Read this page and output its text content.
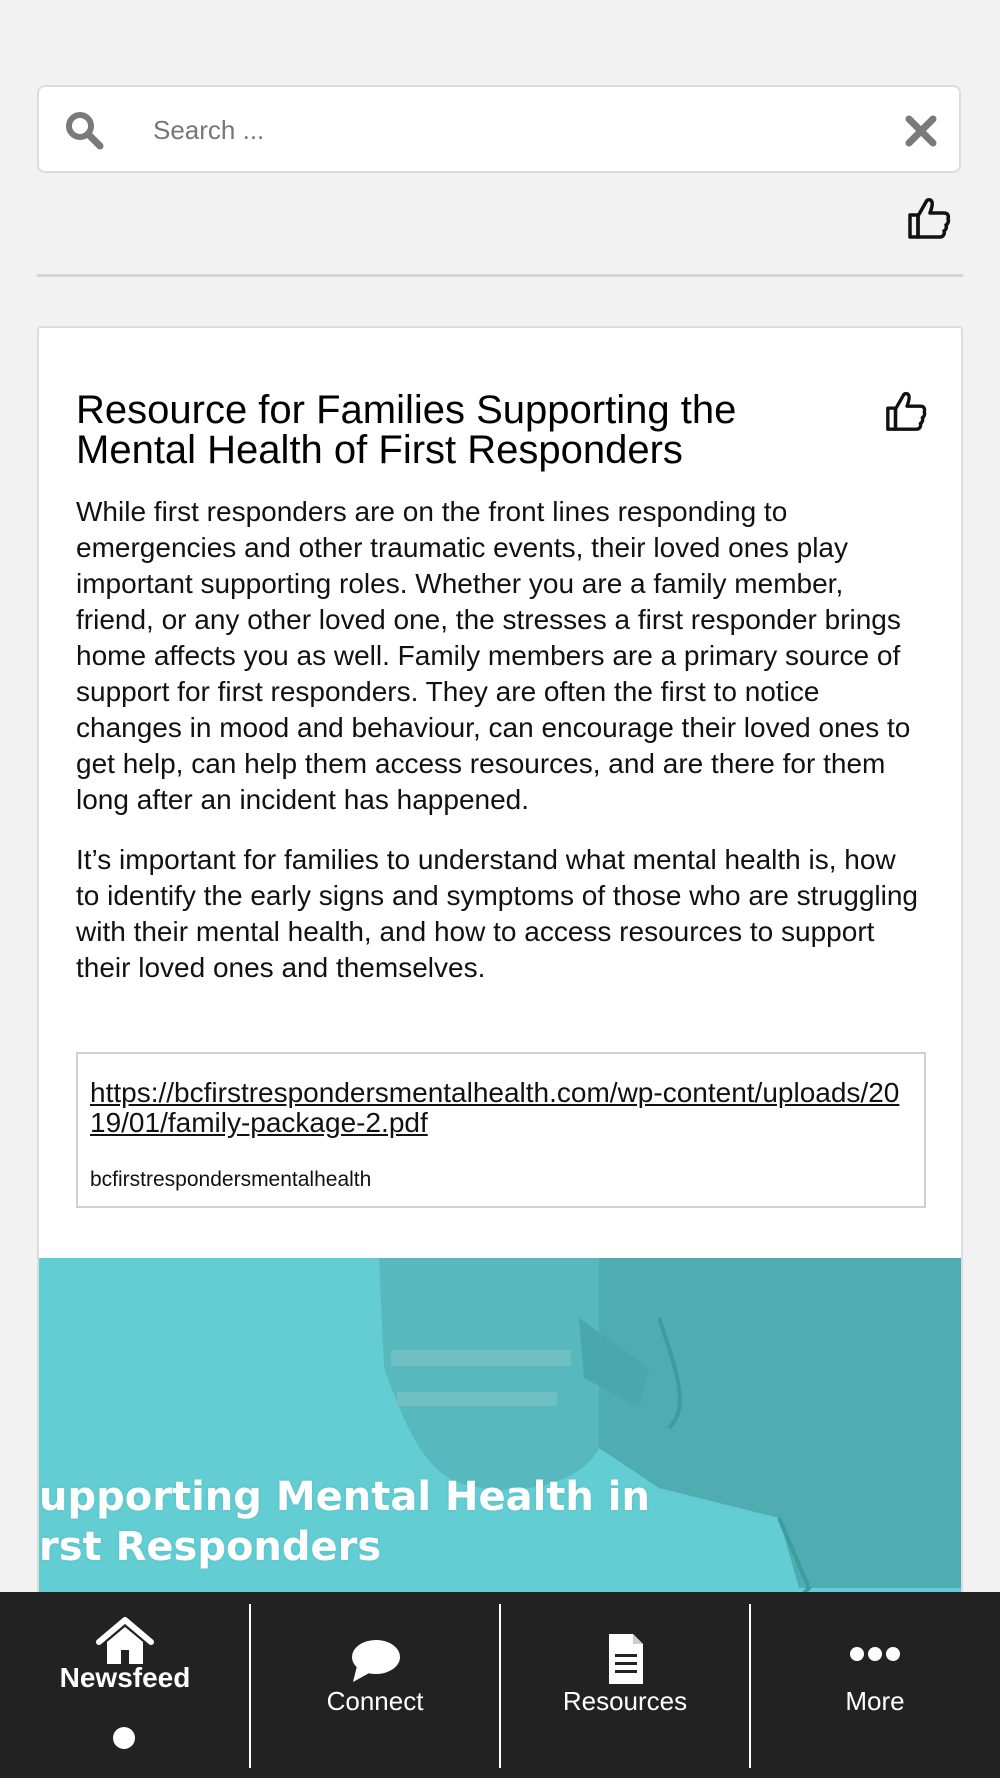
Search ...
Resource for Families Supporting the Mental Health of First Responders

While first responders are on the front lines responding to emergencies and other traumatic events, their loved ones play important supporting roles. Whether you are a family member, friend, or any other loved one, the stresses a first responder brings home affects you as well. Family members are a primary source of support for first responders. They are often the first to notice changes in mood and behaviour, can encourage their loved ones to get help, can help them access resources, and are there for them long after an incident has happened.

It’s important for families to understand what mental health is, how to identify the early signs and symptoms of those who are struggling with their mental health, and how to access resources to support their loved ones and themselves.

https://bcfirstrespondersmentalhealth.com/wp-content/uploads/2019/01/family-package-2.pdf
bcfirstrespondersmentalhealth
upporting Mental Health in
rst Responders
Newsfeed
Connect	Resources	More
